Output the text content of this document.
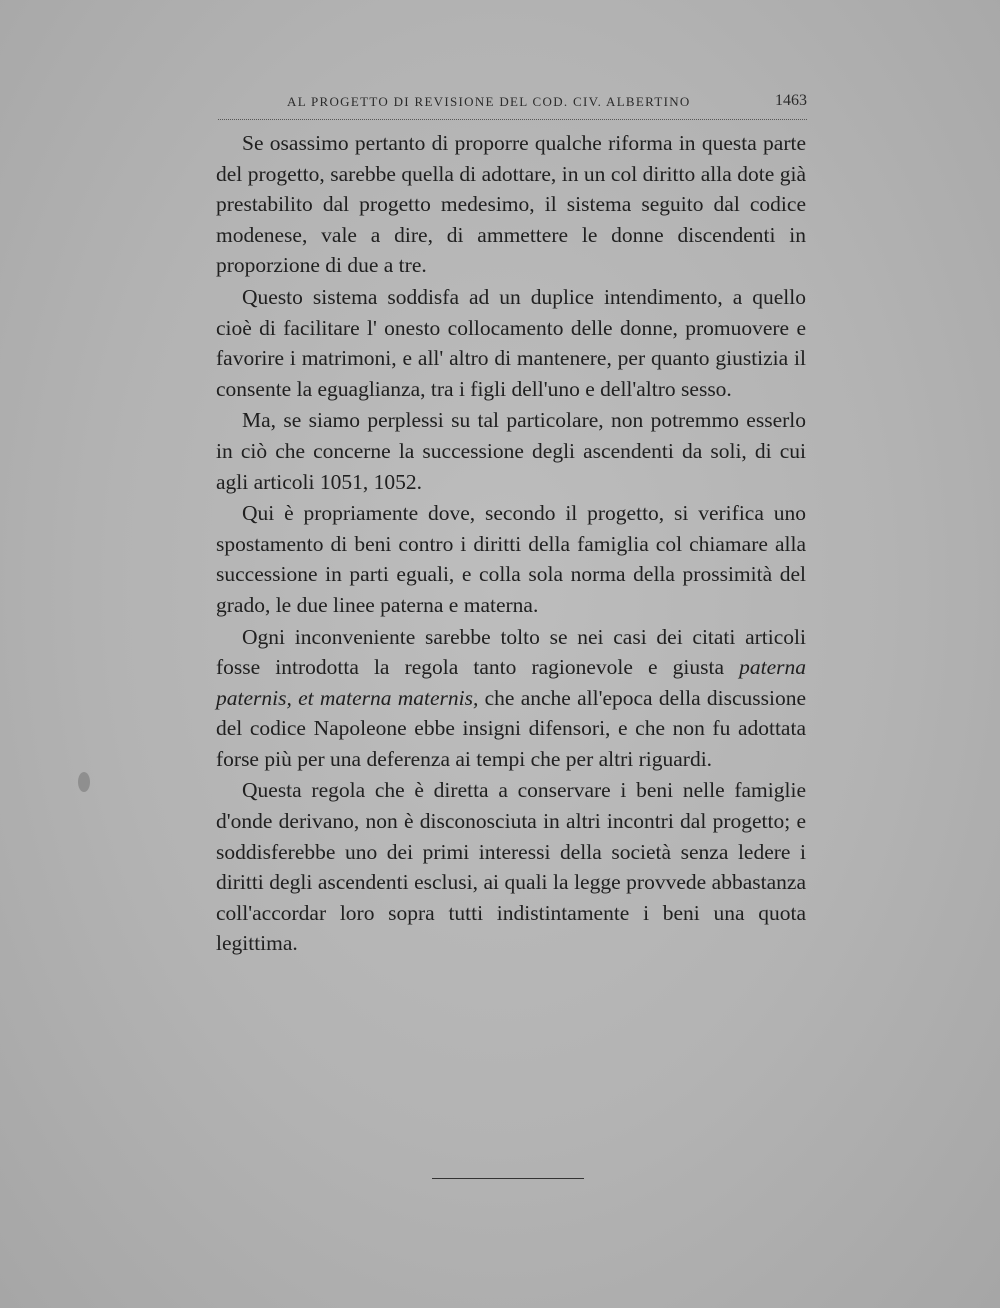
AL PROGETTO DI REVISIONE DEL COD. CIV. ALBERTINO	1463

Se osassimo pertanto di proporre qualche riforma in questa parte del progetto, sarebbe quella di adottare, in un col diritto alla dote già prestabilito dal progetto medesimo, il sistema seguito dal codice modenese, vale a dire, di ammettere le donne discendenti in proporzione di due a tre.

Questo sistema soddisfa ad un duplice intendimento, a quello cioè di facilitare l' onesto collocamento delle donne, promuovere e favorire i matrimoni, e all' altro di mantenere, per quanto giustizia il consente la eguaglianza, tra i figli dell'uno e dell'altro sesso.

Ma, se siamo perplessi su tal particolare, non potremmo esserlo in ciò che concerne la successione degli ascendenti da soli, di cui agli articoli 1051, 1052.

Qui è propriamente dove, secondo il progetto, si verifica uno spostamento di beni contro i diritti della famiglia col chiamare alla successione in parti eguali, e colla sola norma della prossimità del grado, le due linee paterna e materna.

Ogni inconveniente sarebbe tolto se nei casi dei citati articoli fosse introdotta la regola tanto ragionevole e giusta paterna paternis, et materna maternis, che anche all'epoca della discussione del codice Napoleone ebbe insigni difensori, e che non fu adottata forse più per una deferenza ai tempi che per altri riguardi.

Questa regola che è diretta a conservare i beni nelle famiglie d'onde derivano, non è disconosciuta in altri incontri dal progetto; e soddisferebbe uno dei primi interessi della società senza ledere i diritti degli ascendenti esclusi, ai quali la legge provvede abbastanza coll'accordar loro sopra tutti indistintamente i beni una quota legittima.
